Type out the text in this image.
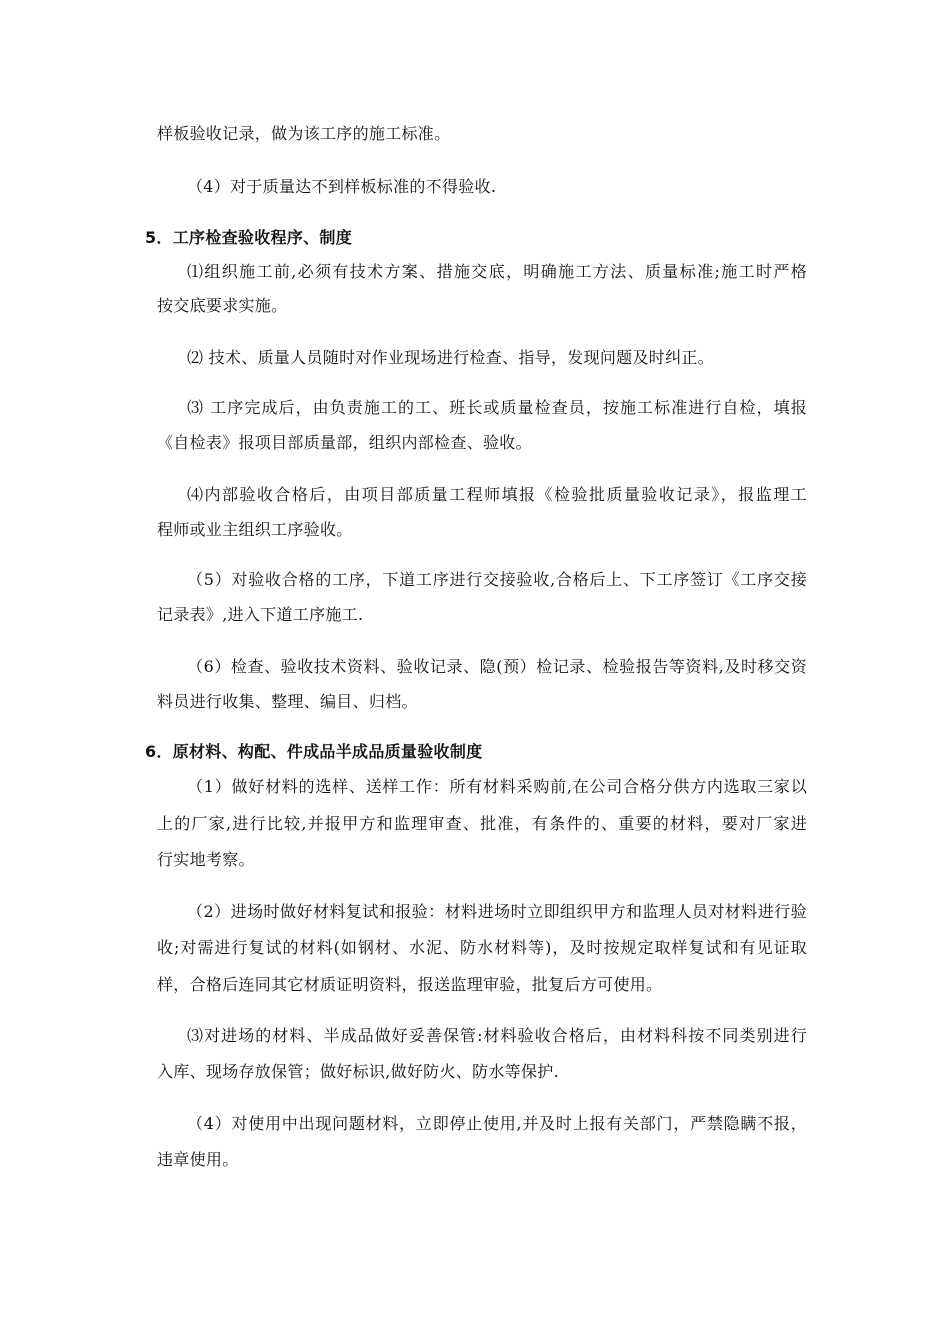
样板验收记录，做为该工序的施工标准。
（4）对于质量达不到样板标准的不得验收.
5．工序检查验收程序、制度
⑴组织施工前,必须有技术方案、措施交底，明确施工方法、质量标准;施工时严格
按交底要求实施。
⑵ 技术、质量人员随时对作业现场进行检查、指导，发现问题及时纠正。
⑶ 工序完成后，由负责施工的工、班长或质量检查员，按施工标准进行自检，填报
《自检表》报项目部质量部，组织内部检查、验收。
⑷内部验收合格后，由项目部质量工程师填报《检验批质量验收记录》，报监理工
程师或业主组织工序验收。
（5）对验收合格的工序，下道工序进行交接验收,合格后上、下工序签订《工序交接
记录表》,进入下道工序施工.
（6）检查、验收技术资料、验收记录、隐(预）检记录、检验报告等资料,及时移交资
料员进行收集、整理、编目、归档。
6．原材料、构配、件成品半成品质量验收制度
（1）做好材料的选样、送样工作：所有材料采购前,在公司合格分供方内选取三家以
上的厂家,进行比较,并报甲方和监理审查、批准，有条件的、重要的材料，要对厂家进
行实地考察。
（2）进场时做好材料复试和报验：材料进场时立即组织甲方和监理人员对材料进行验
收;对需进行复试的材料(如钢材、水泥、防水材料等)，及时按规定取样复试和有见证取
样，合格后连同其它材质证明资料，报送监理审验，批复后方可使用。
⑶对进场的材料、半成品做好妥善保管:材料验收合格后，由材料科按不同类别进行
入库、现场存放保管；做好标识,做好防火、防水等保护.
（4）对使用中出现问题材料，立即停止使用,并及时上报有关部门，严禁隐瞒不报，
违章使用。
